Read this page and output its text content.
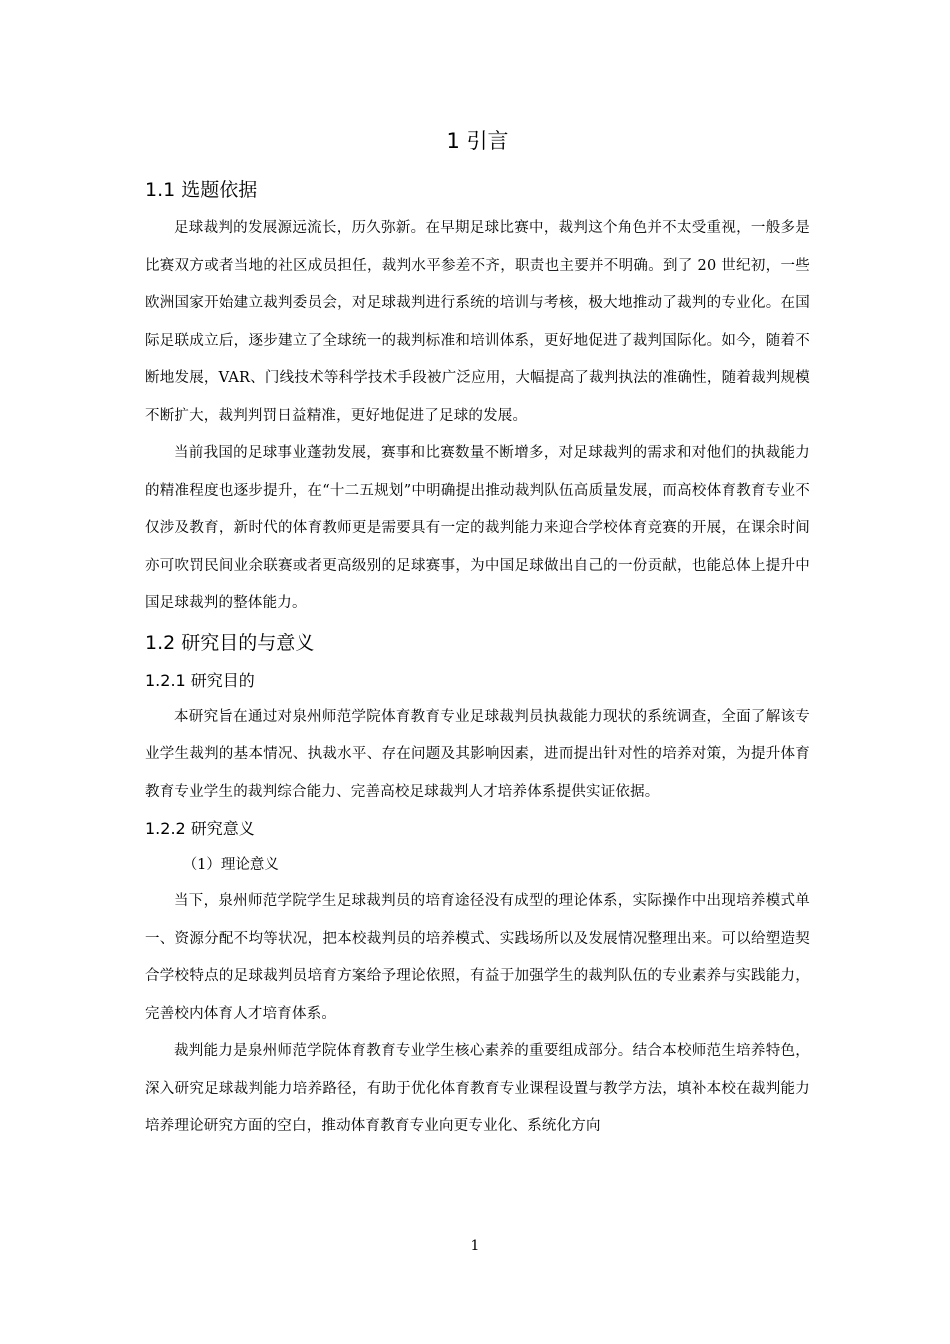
1 引言
1.1 选题依据

足球裁判的发展源远流长，历久弥新。在早期足球比赛中，裁判这个角色并不太受重视，一般多是比赛双方或者当地的社区成员担任，裁判水平参差不齐，职责也主要并不明确。到了 20 世纪初，一些欧洲国家开始建立裁判委员会，对足球裁判进行系统的培训与考核，极大地推动了裁判的专业化。在国际足联成立后，逐步建立了全球统一的裁判标准和培训体系，更好地促进了裁判国际化。如今，随着不断地发展，VAR、门线技术等科学技术手段被广泛应用，大幅提高了裁判执法的准确性，随着裁判规模不断扩大，裁判判罚日益精准，更好地促进了足球的发展。

当前我国的足球事业蓬勃发展，赛事和比赛数量不断增多，对足球裁判的需求和对他们的执裁能力的精准程度也逐步提升，在“十二五规划”中明确提出推动裁判队伍高质量发展，而高校体育教育专业不仅涉及教育，新时代的体育教师更是需要具有一定的裁判能力来迎合学校体育竞赛的开展，在课余时间亦可吹罚民间业余联赛或者更高级别的足球赛事，为中国足球做出自己的一份贡献，也能总体上提升中国足球裁判的整体能力。

1.2 研究目的与意义
1.2.1 研究目的

本研究旨在通过对泉州师范学院体育教育专业足球裁判员执裁能力现状的系统调查，全面了解该专业学生裁判的基本情况、执裁水平、存在问题及其影响因素，进而提出针对性的培养对策，为提升体育教育专业学生的裁判综合能力、完善高校足球裁判人才培养体系提供实证依据。

1.2.2 研究意义

（1）理论意义

当下，泉州师范学院学生足球裁判员的培育途径没有成型的理论体系，实际操作中出现培养模式单一、资源分配不均等状况，把本校裁判员的培养模式、实践场所以及发展情况整理出来。可以给塑造契合学校特点的足球裁判员培育方案给予理论依照，有益于加强学生的裁判队伍的专业素养与实践能力，完善校内体育人才培育体系。

裁判能力是泉州师范学院体育教育专业学生核心素养的重要组成部分。结合本校师范生培养特色，深入研究足球裁判能力培养路径，有助于优化体育教育专业课程设置与教学方法，填补本校在裁判能力培养理论研究方面的空白，推动体育教育专业向更专业化、系统化方向

1
